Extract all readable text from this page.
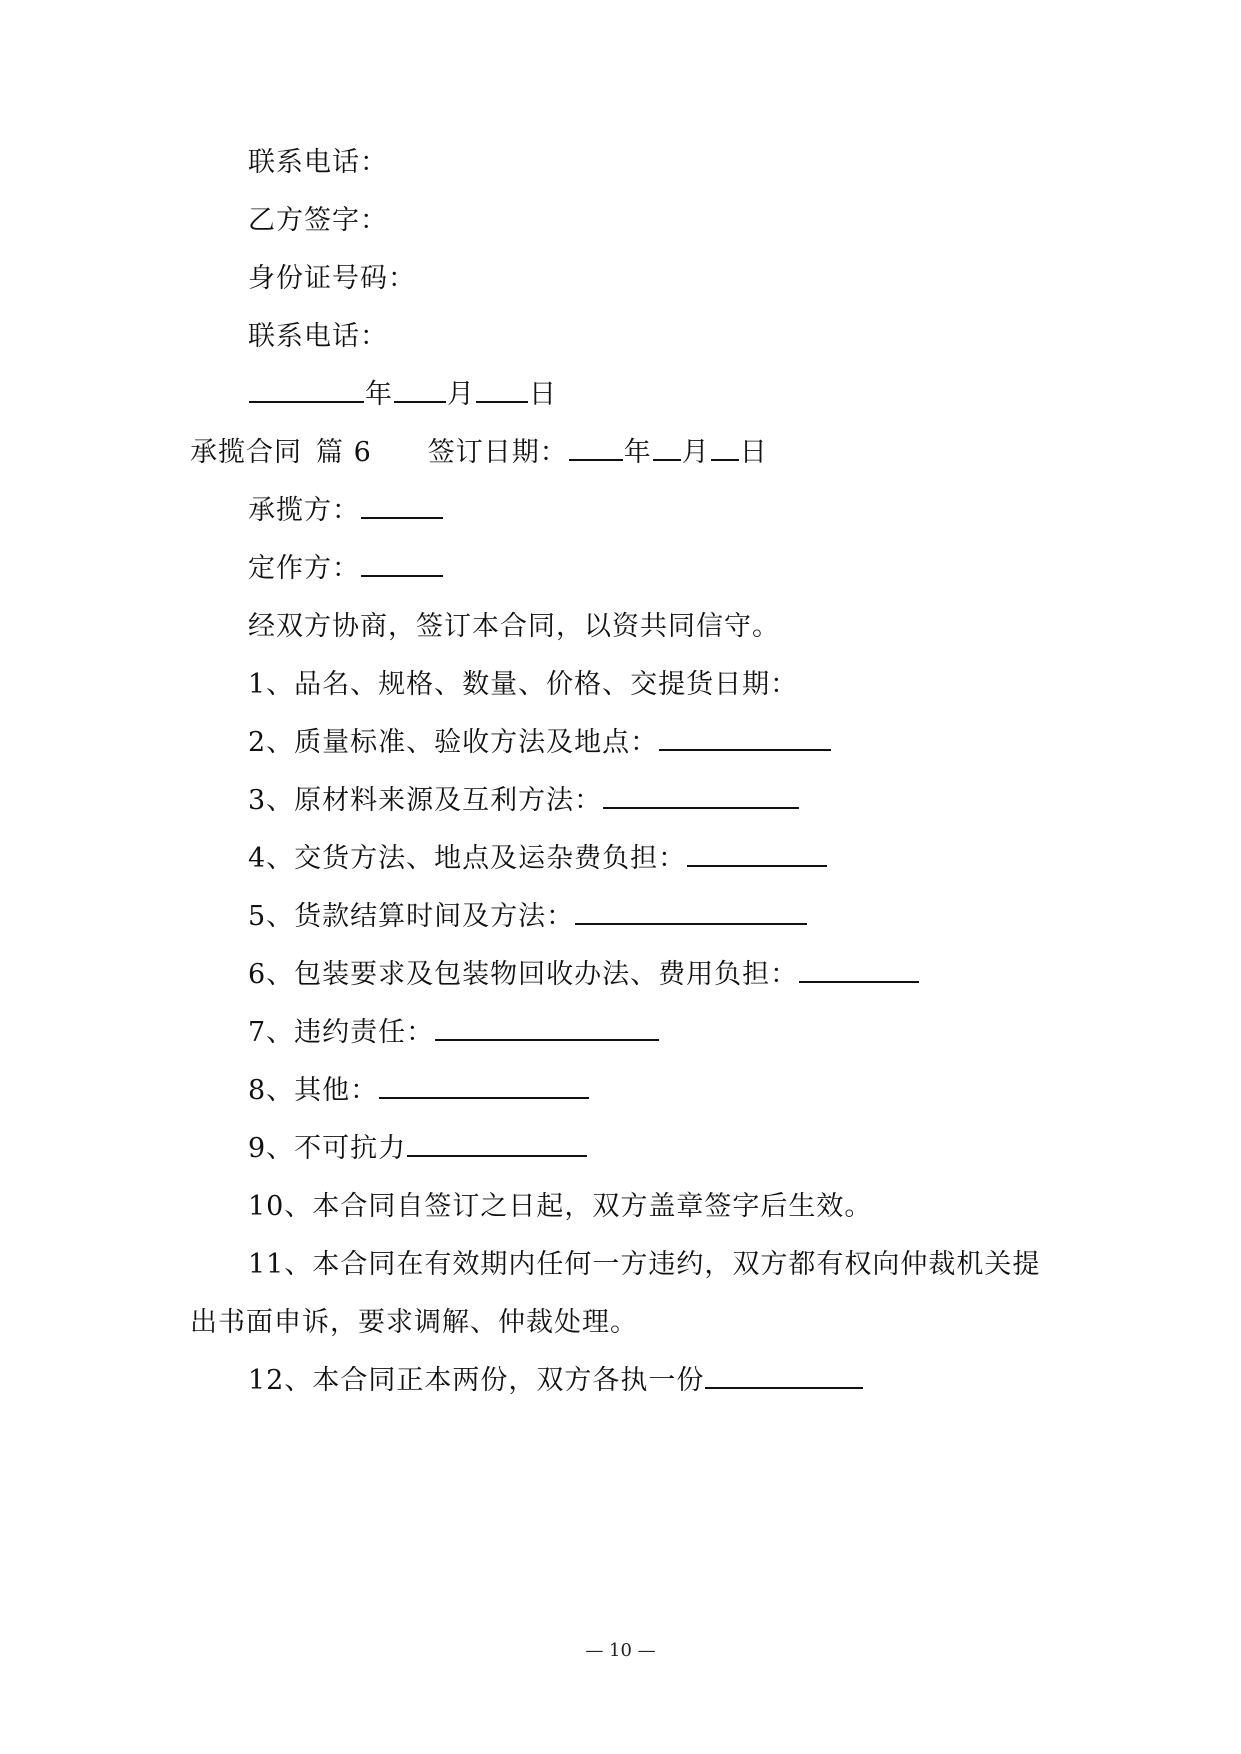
联系电话：
乙方签字：
身份证号码：
联系电话：
年 月 日
承揽合同 篇 6 签订日期： 年 月 日
承揽方：
定作方：
经双方协商，签订本合同，以资共同信守。
1、品名、规格、数量、价格、交提货日期：
2、质量标准、验收方法及地点：
3、原材料来源及互利方法：
4、交货方法、地点及运杂费负担：
5、货款结算时间及方法：
6、包装要求及包装物回收办法、费用负担：
7、违约责任：
8、其他：
9、不可抗力
10、本合同自签订之日起，双方盖章签字后生效。
11、本合同在有效期内任何一方违约，双方都有权向仲裁机关提
出书面申诉，要求调解、仲裁处理。
12、本合同正本两份，双方各执一份
— 10 —
